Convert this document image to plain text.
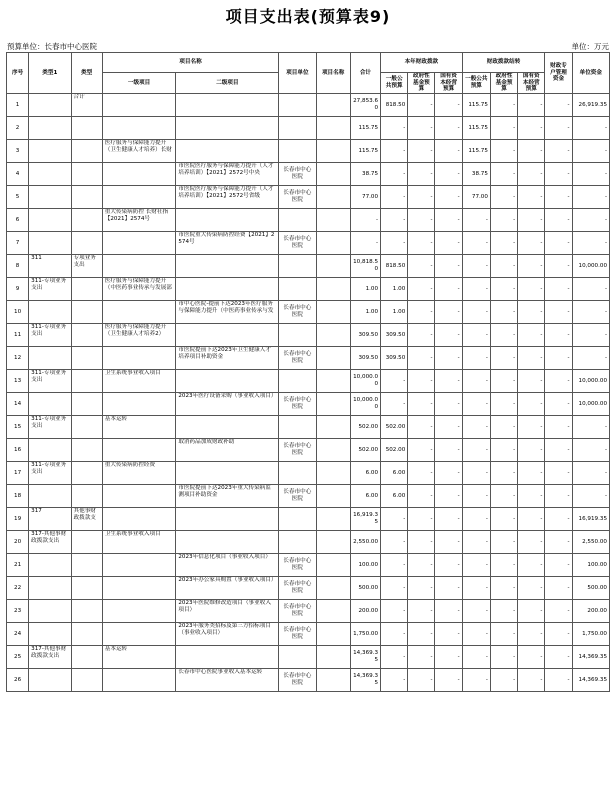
项目支出表(预算表9)
预算单位：长春市中心医院	单位：万元
序号	类型1	类型	项目名称		项目单位	项目名称	合计	本年财政拨款			财政拨款结转			财政专户管理资金	单位资金
			一级项目	二级项目				一般公共预算	政府性基金预算	国有资本经营预算	一般公共预算	政府性基金预算	国有资本经营预算		

1		合计					27,853.60	818.50	-	-	115.75	-	-	-	26,919.35
2							115.75	-	-	-	115.75	-	-	-	-
3			医疗服务与保障能力提升（卫生健康人才培养）长财				115.75	-	-	-	115.75	-	-	-	-
4				市医院医疗服务与保障能力提升（人才培养培训）【2021】2572号中央	长春市中心医院		38.75	-	-	-	38.75	-	-	-	-
5				市医院医疗服务与保障能力提升（人才培养培训）【2021】2572号省级	长春市中心医院		77.00	-	-	-	77.00	-	-	-	-
6			重大传染病防控 长财社指【2021】2574号				-	-	-	-	-	-	-	-	-
7				市医院重大传染病防控经费【2021】2574号	长春市中心医院		-	-	-	-	-	-	-	-	-
8	311	专项业务支出					10,818.50	818.50	-	-	-	-	-	-	10,000.00
9	311-专项业务支出		医疗服务与保障能力提升（中医药事业传承与发展部				1.00	1.00	-	-	-	-	-	-	-
10				市中心医院-提前下达2023年医疗服务与保障能力提升（中医药事业传承与发	长春市中心医院		1.00	1.00	-	-	-	-	-	-	-
11	311-专项业务支出		医疗服务与保障能力提升（卫生健康人才培养2）				309.50	309.50	-	-	-	-	-	-	-
12				市医院提前下达2023年卫生健康人才培养项目补助资金	长春市中心医院		309.50	309.50	-	-	-	-	-	-	-
13	311-专项业务支出		卫生系统事业收入项目				10,000.00	-	-	-	-	-	-	-	10,000.00
14				2023年医疗设备采购（事业收入项目）	长春市中心医院		10,000.00	-	-	-	-	-	-	-	10,000.00
15	311-专项业务支出		基本运转				502.00	502.00	-	-	-	-	-	-	-
16				取消药品加成财政补助	长春市中心医院		502.00	502.00	-	-	-	-	-	-	-
17	311-专项业务支出		重大传染病防控经费				6.00	6.00	-	-	-	-	-	-	-
18				市医院提前下达2023年重大传染病监测项目补助资金	长春市中心医院		6.00	6.00	-	-	-	-	-	-	-
19	317	其他事财政拨款支					16,919.35	-	-	-	-	-	-	-	16,919.35
20	317-其他事财政拨款支出		卫生系统事业收入项目				2,550.00	-	-	-	-	-	-	-	2,550.00
21				2023年信息化项目（事业收入项目）	长春市中心医院		100.00	-	-	-	-	-	-	-	100.00
22				2023年办公家具购置（事业收入项目）	长春市中心医院		500.00	-	-	-	-	-	-	-	500.00
23				2023年医院维修改造项目（事业收入项目）	长春市中心医院		200.00	-	-	-	-	-	-	-	200.00
24				2023年服务类招标及第三方招标项目（事业收入项目）	长春市中心医院		1,750.00	-	-	-	-	-	-	-	1,750.00
25	317-其他事财政拨款支出		基本运转				14,369.35	-	-	-	-	-	-	-	14,369.35
26				长春市中心医院事业收入基本运转	长春市中心医院		14,369.35	-	-	-	-	-	-	-	14,369.35
